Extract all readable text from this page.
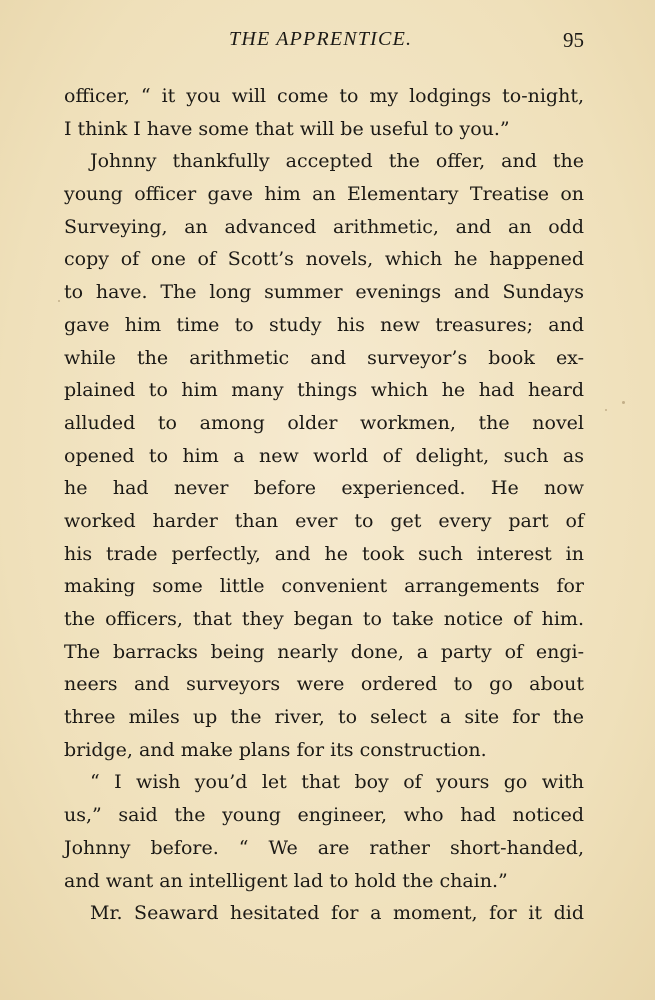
THE APPRENTICE.	95
officer, “ it you will come to my lodgings to-night,
I think I have some that will be useful to you.”
Johnny thankfully accepted the offer, and the
young officer gave him an Elementary Treatise on
Surveying, an advanced arithmetic, and an odd
copy of one of Scott’s novels, which he happened
to have. The long summer evenings and Sundays
gave him time to study his new treasures; and
while the arithmetic and surveyor’s book ex-
plained to him many things which he had heard
alluded to among older workmen, the novel
opened to him a new world of delight, such as
he had never before experienced. He now
worked harder than ever to get every part of
his trade perfectly, and he took such interest in
making some little convenient arrangements for
the officers, that they began to take notice of him.
The barracks being nearly done, a party of engi-
neers and surveyors were ordered to go about
three miles up the river, to select a site for the
bridge, and make plans for its construction.
“ I wish you’d let that boy of yours go with
us,” said the young engineer, who had noticed
Johnny before. “ We are rather short-handed,
and want an intelligent lad to hold the chain.”
Mr. Seaward hesitated for a moment, for it did
